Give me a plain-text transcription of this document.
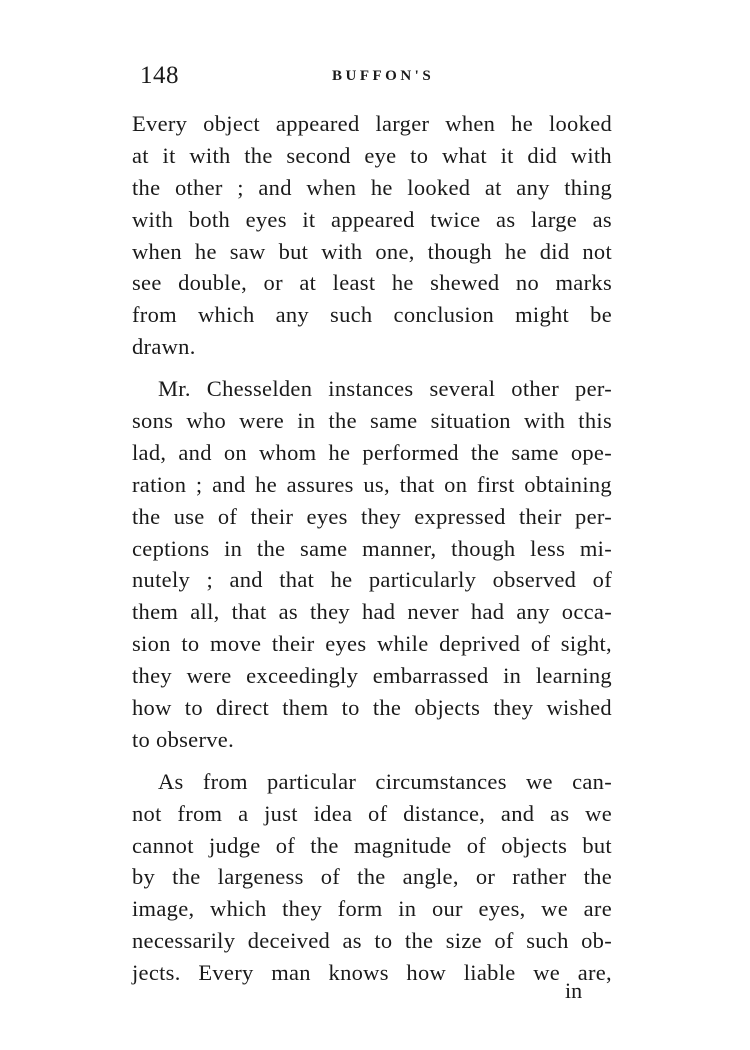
148	BUFFON'S
Every object appeared larger when he looked
at it with the second eye to what it did with
the other ; and when he looked at any thing
with both eyes it appeared twice as large as
when he saw but with one, though he did not
see double, or at least he shewed no marks
from which any such conclusion might be
drawn.
Mr. Chesselden instances several other per-
sons who were in the same situation with this
lad, and on whom he performed the same ope-
ration ; and he assures us, that on first obtaining
the use of their eyes they expressed their per-
ceptions in the same manner, though less mi-
nutely ; and that he particularly observed of
them all, that as they had never had any occa-
sion to move their eyes while deprived of sight,
they were exceedingly embarrassed in learning
how to direct them to the objects they wished
to observe.
As from particular circumstances we can-
not from a just idea of distance, and as we
cannot judge of the magnitude of objects but
by the largeness of the angle, or rather the
image, which they form in our eyes, we are
necessarily deceived as to the size of such ob-
jects. Every man knows how liable we are,
in
